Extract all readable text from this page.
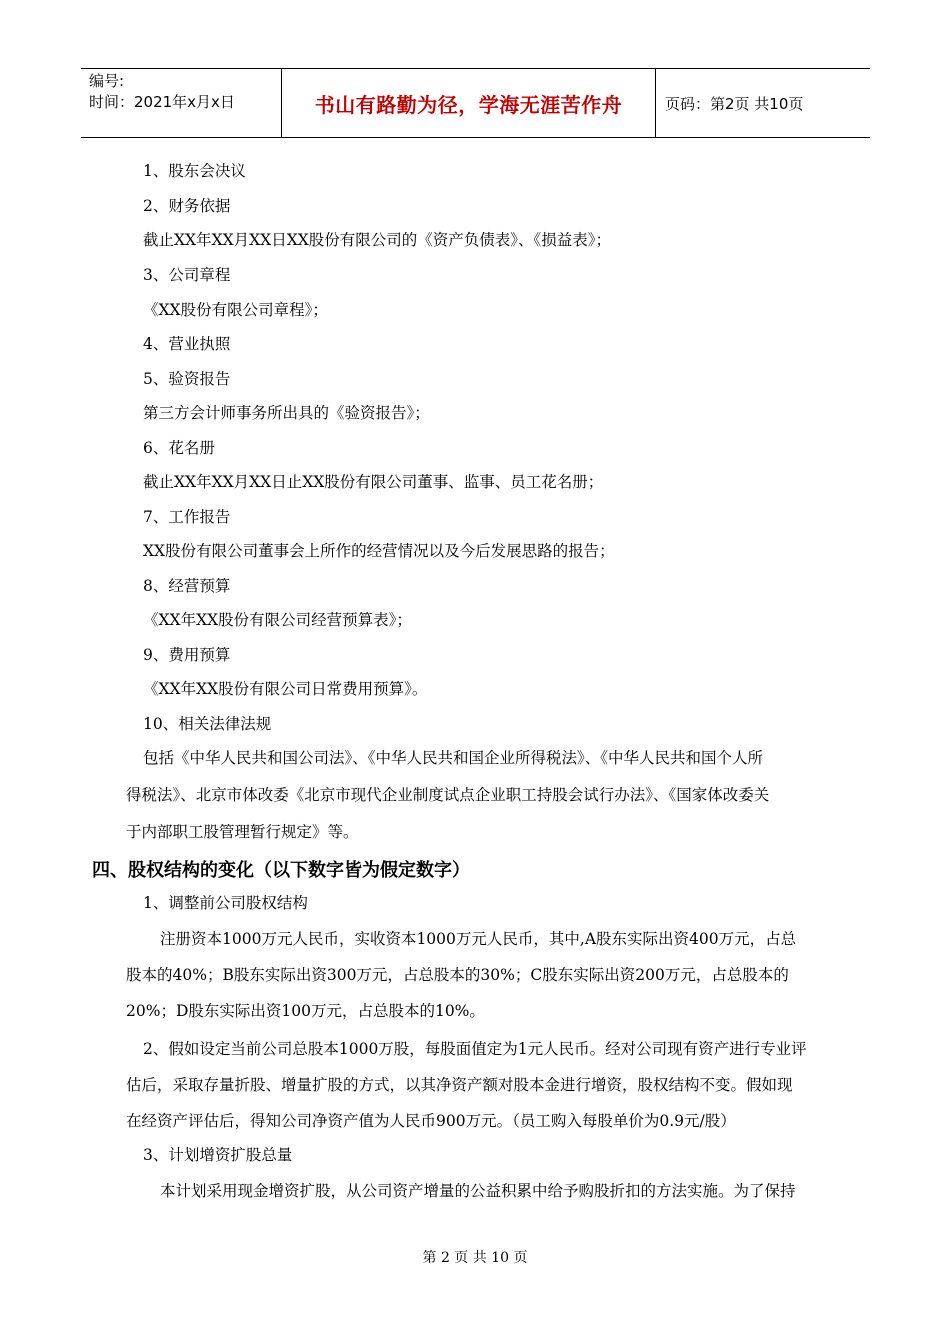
编号:
时间：2021年x月x日	书山有路勤为径，学海无涯苦作舟	页码：第2页 共10页
1、股东会决议
2、财务依据
截止XX年XX月XX日XX股份有限公司的《资产负债表》、《损益表》；
3、公司章程
《XX股份有限公司章程》；
4、营业执照
5、验资报告
第三方会计师事务所出具的《验资报告》；
6、花名册
截止XX年XX月XX日止XX股份有限公司董事、监事、员工花名册；
7、工作报告
XX股份有限公司董事会上所作的经营情况以及今后发展思路的报告；
8、经营预算
《XX年XX股份有限公司经营预算表》；
9、费用预算
《XX年XX股份有限公司日常费用预算》。
10、相关法律法规
包括《中华人民共和国公司法》、《中华人民共和国企业所得税法》、《中华人民共和国个人所
得税法》、北京市体改委《北京市现代企业制度试点企业职工持股会试行办法》、《国家体改委关
于内部职工股管理暂行规定》等。
四、股权结构的变化（以下数字皆为假定数字）
1、调整前公司股权结构
注册资本1000万元人民币，实收资本1000万元人民币，其中,A股东实际出资400万元，占总
股本的40%；B股东实际出资300万元，占总股本的30%；C股东实际出资200万元，占总股本的
20%；D股东实际出资100万元，占总股本的10%。
2、假如设定当前公司总股本1000万股，每股面值定为1元人民币。经对公司现有资产进行专业评
估后，采取存量折股、增量扩股的方式，以其净资产额对股本金进行增资，股权结构不变。假如现
在经资产评估后，得知公司净资产值为人民币900万元。（员工购入每股单价为0.9元/股）
3、计划增资扩股总量
本计划采用现金增资扩股，从公司资产增量的公益积累中给予购股折扣的方法实施。为了保持
第 2 页 共 10 页
